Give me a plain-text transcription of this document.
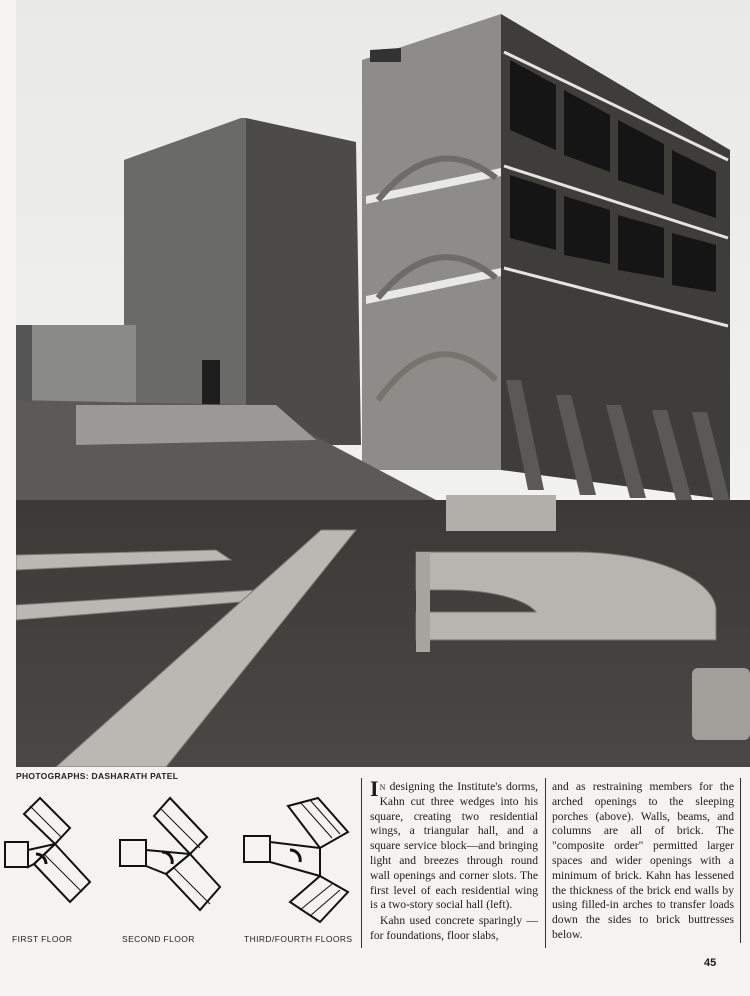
PHOTOGRAPHS: DASHARATH PATEL
FIRST FLOOR	SECOND FLOOR	THIRD/FOURTH FLOORS

In designing the Institute's dorms, Kahn cut three wedges into his square, creating two residential wings, a triangular hall, and a square service block—and bringing light and breezes through round wall openings and corner slots. The first level of each residential wing is a two-story social hall (left).

Kahn used concrete sparingly —for foundations, floor slabs,

and as restraining members for the arched openings to the sleeping porches (above). Walls, beams, and columns are all of brick. The "composite order" permitted larger spaces and wider openings with a minimum of brick. Kahn has lessened the thickness of the brick end walls by using filled-in arches to transfer loads down the sides to brick buttresses below.

45
